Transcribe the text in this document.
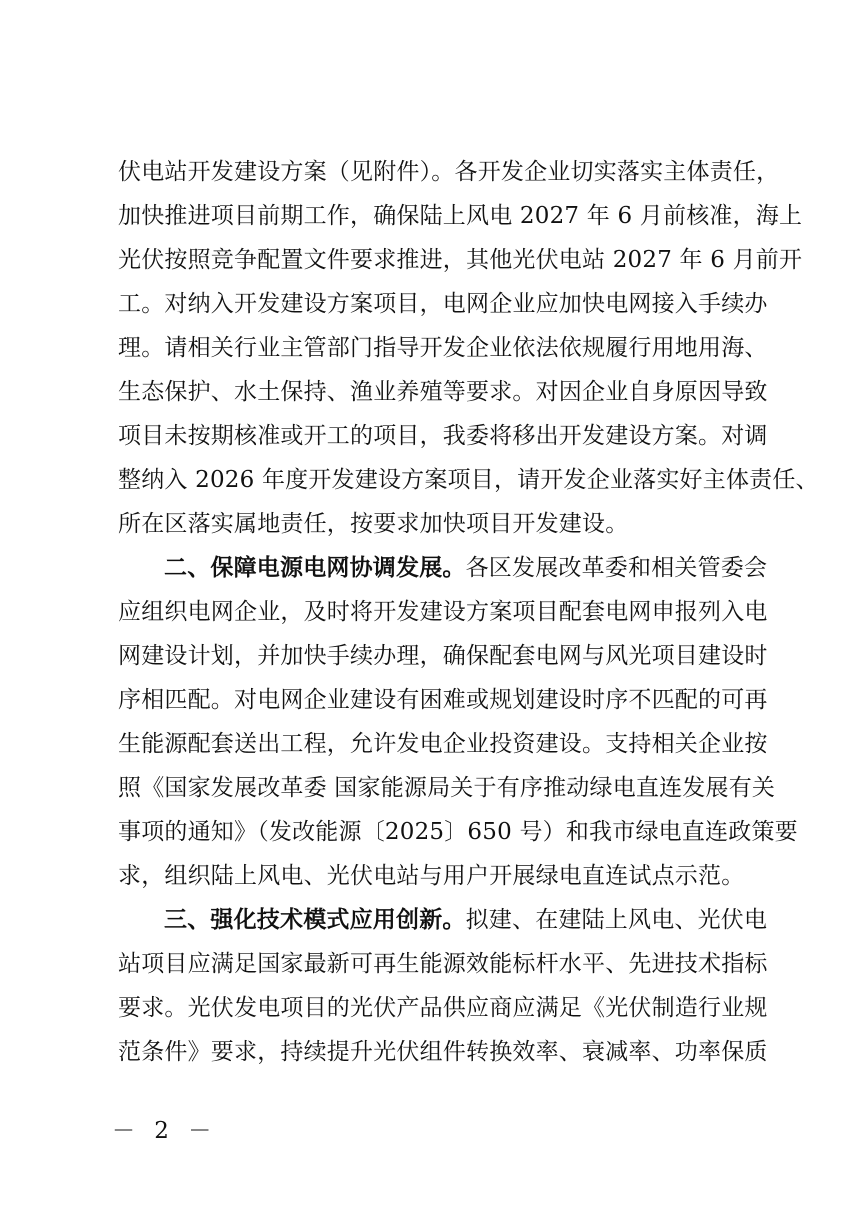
伏电站开发建设方案（见附件）。各开发企业切实落实主体责任，
加快推进项目前期工作，确保陆上风电 2027 年 6 月前核准，海上
光伏按照竞争配置文件要求推进，其他光伏电站 2027 年 6 月前开
工。对纳入开发建设方案项目，电网企业应加快电网接入手续办
理。请相关行业主管部门指导开发企业依法依规履行用地用海、
生态保护、水土保持、渔业养殖等要求。对因企业自身原因导致
项目未按期核准或开工的项目，我委将移出开发建设方案。对调
整纳入 2026 年度开发建设方案项目，请开发企业落实好主体责任、
所在区落实属地责任，按要求加快项目开发建设。
二、保障电源电网协调发展。各区发展改革委和相关管委会
应组织电网企业，及时将开发建设方案项目配套电网申报列入电
网建设计划，并加快手续办理，确保配套电网与风光项目建设时
序相匹配。对电网企业建设有困难或规划建设时序不匹配的可再
生能源配套送出工程，允许发电企业投资建设。支持相关企业按
照《国家发展改革委 国家能源局关于有序推动绿电直连发展有关
事项的通知》（发改能源〔2025〕650 号）和我市绿电直连政策要
求，组织陆上风电、光伏电站与用户开展绿电直连试点示范。
三、强化技术模式应用创新。拟建、在建陆上风电、光伏电
站项目应满足国家最新可再生能源效能标杆水平、先进技术指标
要求。光伏发电项目的光伏产品供应商应满足《光伏制造行业规
范条件》要求，持续提升光伏组件转换效率、衰减率、功率保质
－ 2 －
